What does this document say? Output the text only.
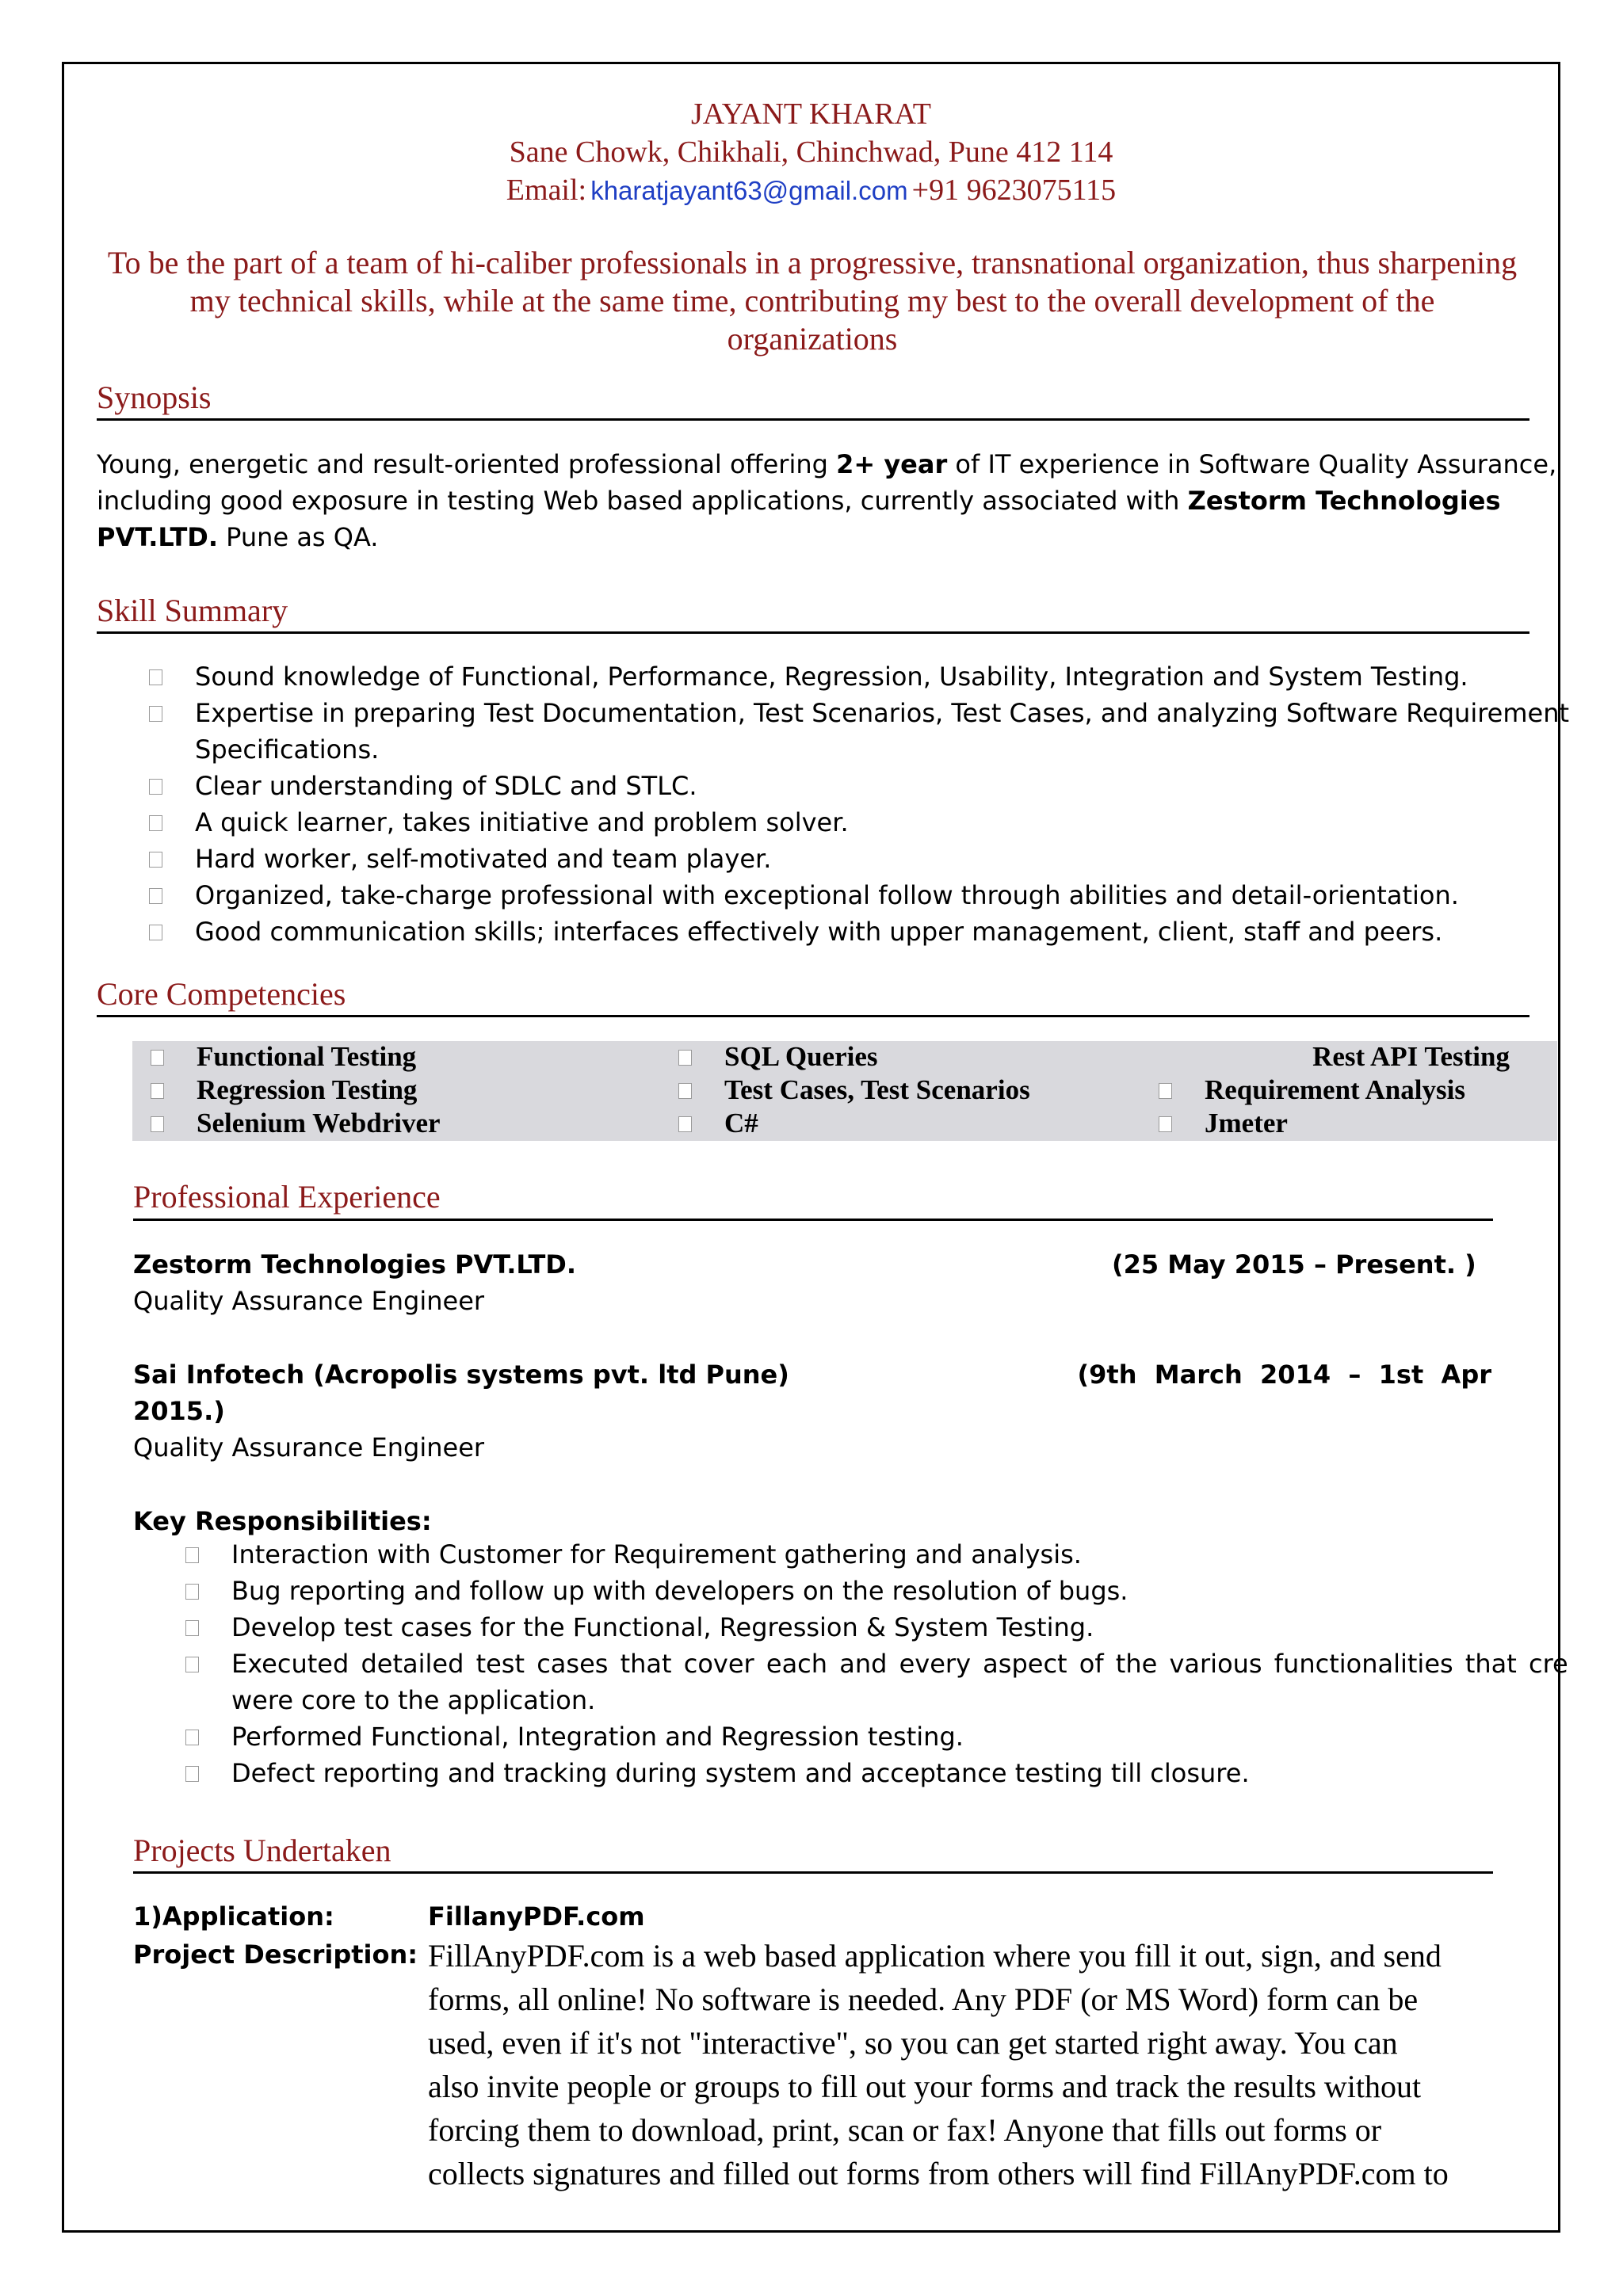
JAYANT KHARAT
Sane Chowk, Chikhali, Chinchwad, Pune 412 114
Email: kharatjayant63@gmail.com +91 9623075115
To be the part of a team of hi-caliber professionals in a progressive, transnational organization, thus sharpening my technical skills, while at the same time, contributing my best to the overall development of the organizations
Synopsis
Young, energetic and result-oriented professional offering 2+ year of IT experience in Software Quality Assurance,
including good exposure in testing Web based applications, currently associated with Zestorm Technologies
PVT.LTD. Pune as QA.
Skill Summary
Sound knowledge of Functional, Performance, Regression, Usability, Integration and System Testing.
Expertise in preparing Test Documentation, Test Scenarios, Test Cases, and analyzing Software Requirement
Specifications.
Clear understanding of SDLC and STLC.
A quick learner, takes initiative and problem solver.
Hard worker, self-motivated and team player.
Organized, take-charge professional with exceptional follow through abilities and detail-orientation.
Good communication skills; interfaces effectively with upper management, client, staff and peers.
Core Competencies
Functional Testing	SQL Queries	Rest API Testing
Regression Testing	Test Cases, Test Scenarios	Requirement Analysis
Selenium Webdriver	C#	Jmeter
Professional Experience
Zestorm Technologies PVT.LTD.	(25 May 2015 – Present. )
Quality Assurance Engineer
Sai Infotech (Acropolis systems pvt. ltd Pune)	(9th  March  2014  –  1st  Apr
2015.)
Quality Assurance Engineer
Key Responsibilities:
Interaction with Customer for Requirement gathering and analysis.
Bug reporting and follow up with developers on the resolution of bugs.
Develop test cases for the Functional, Regression & System Testing.
Executed detailed test cases that cover each and every aspect of the various functionalities that cre
were core to the application.
Performed Functional, Integration and Regression testing.
Defect reporting and tracking during system and acceptance testing till closure.
Projects Undertaken
1)Application:	FillanyPDF.com
Project Description: FillAnyPDF.com is a web based application where you fill it out, sign, and send
forms, all online! No software is needed. Any PDF (or MS Word) form can be
used, even if it's not "interactive", so you can get started right away. You can
also invite people or groups to fill out your forms and track the results without
forcing them to download, print, scan or fax! Anyone that fills out forms or
collects signatures and filled out forms from others will find FillAnyPDF.com to
